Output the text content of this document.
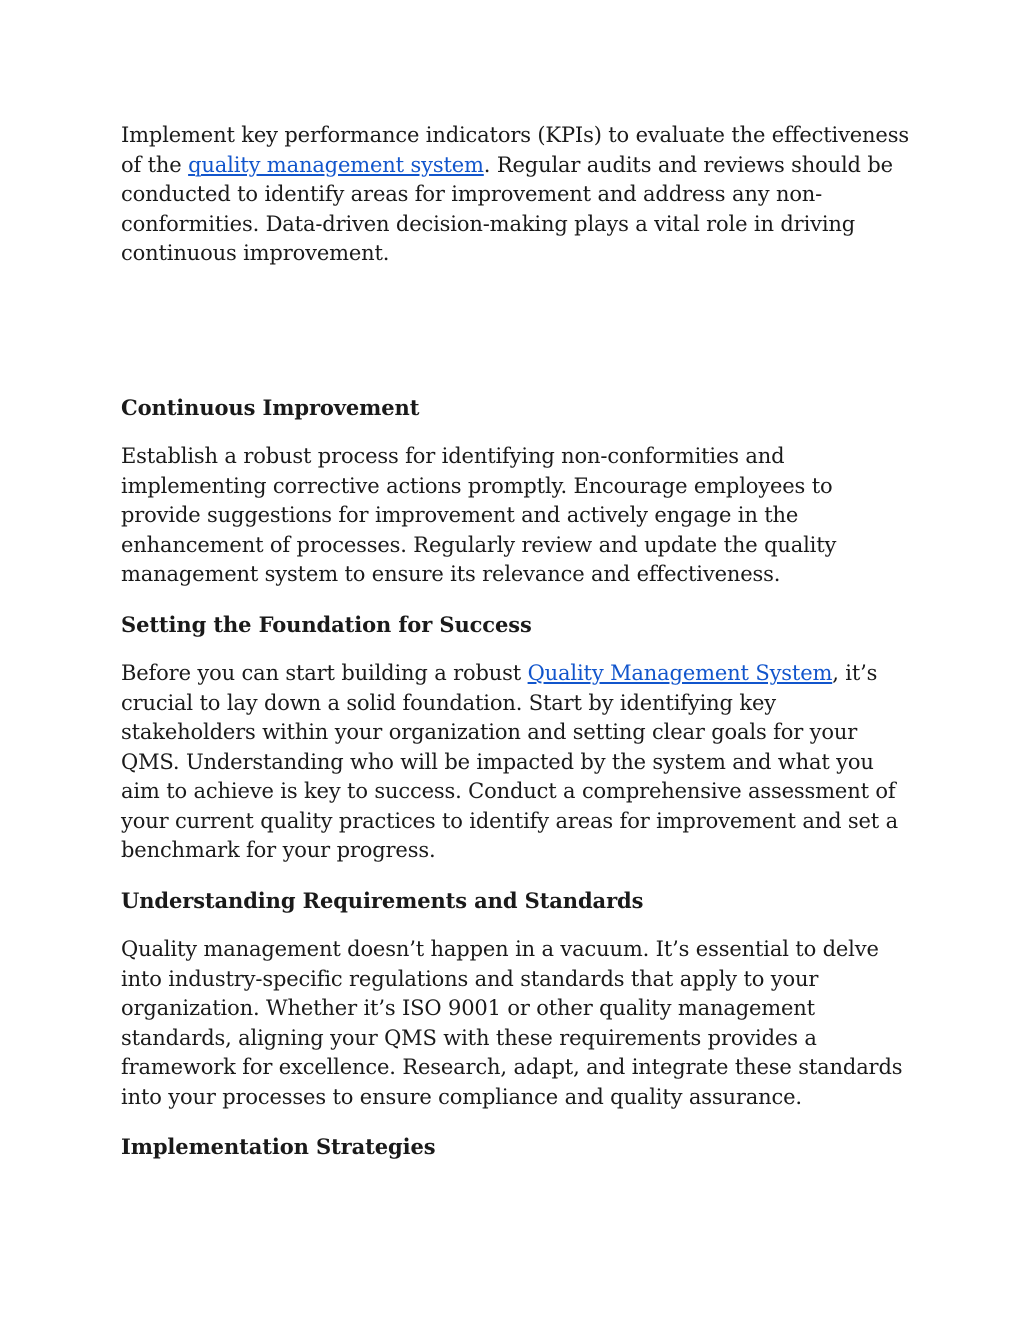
Implement key performance indicators (KPIs) to evaluate the effectiveness of the quality management system. Regular audits and reviews should be conducted to identify areas for improvement and address any non-conformities. Data-driven decision-making plays a vital role in driving continuous improvement.

Continuous Improvement

Establish a robust process for identifying non-conformities and implementing corrective actions promptly. Encourage employees to provide suggestions for improvement and actively engage in the enhancement of processes. Regularly review and update the quality management system to ensure its relevance and effectiveness.

Setting the Foundation for Success

Before you can start building a robust Quality Management System, it’s crucial to lay down a solid foundation. Start by identifying key stakeholders within your organization and setting clear goals for your QMS. Understanding who will be impacted by the system and what you aim to achieve is key to success. Conduct a comprehensive assessment of your current quality practices to identify areas for improvement and set a benchmark for your progress.

Understanding Requirements and Standards

Quality management doesn’t happen in a vacuum. It’s essential to delve into industry-specific regulations and standards that apply to your organization. Whether it’s ISO 9001 or other quality management standards, aligning your QMS with these requirements provides a framework for excellence. Research, adapt, and integrate these standards into your processes to ensure compliance and quality assurance.

Implementation Strategies
